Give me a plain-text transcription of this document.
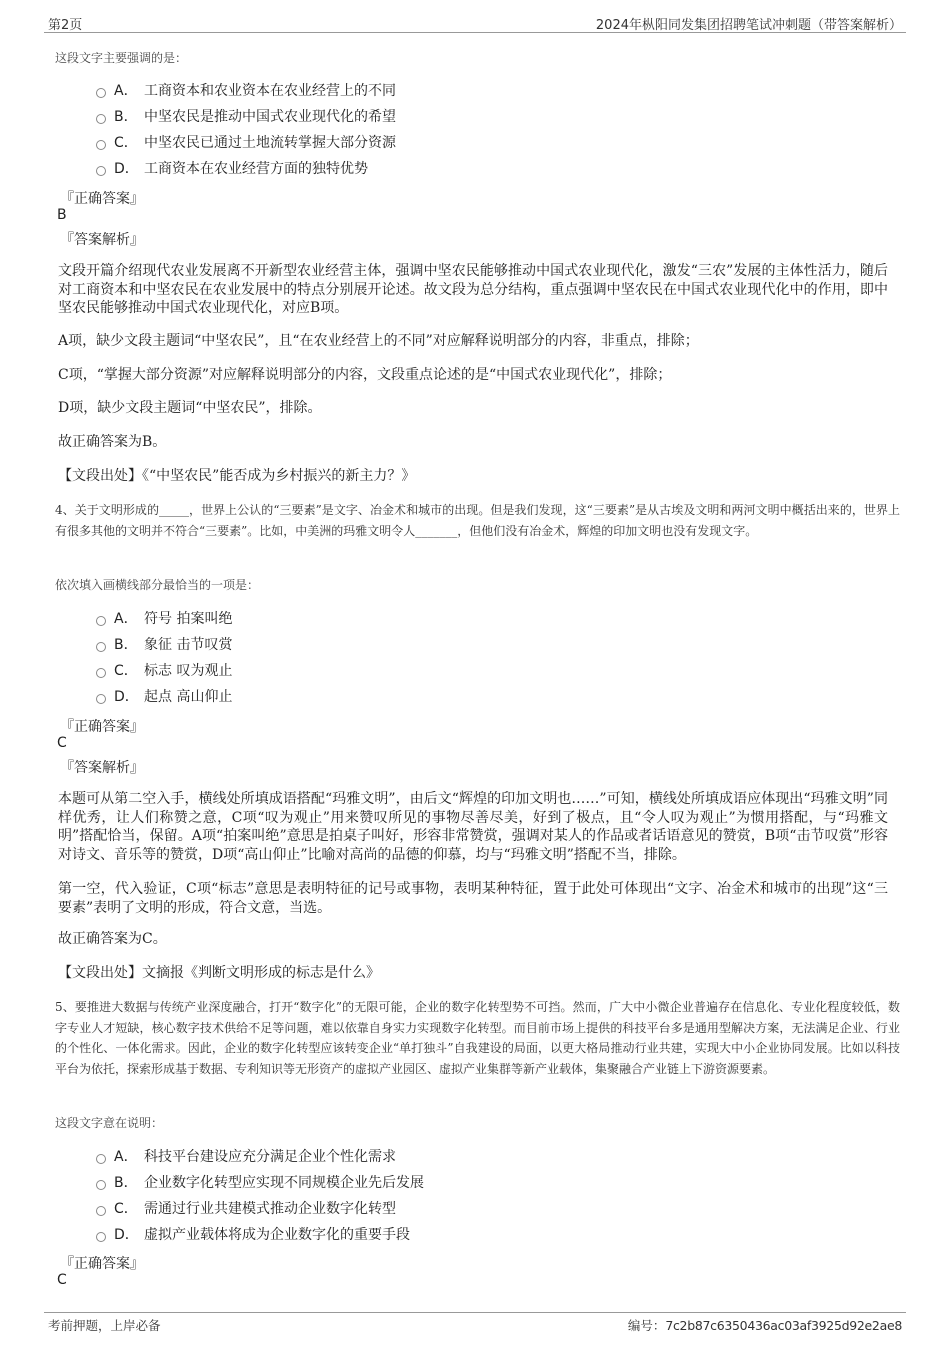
第2页	2024年枞阳同发集团招聘笔试冲刺题（带答案解析）
这段文字主要强调的是：
A． 工商资本和农业资本在农业经营上的不同
B． 中坚农民是推动中国式农业现代化的希望
C． 中坚农民已通过土地流转掌握大部分资源
D． 工商资本在农业经营方面的独特优势
『正确答案』
B
『答案解析』
文段开篇介绍现代农业发展离不开新型农业经营主体，强调中坚农民能够推动中国式农业现代化，激发“三农”发展的主体性活力，随后对工商资本和中坚农民在农业发展中的特点分别展开论述。故文段为总分结构，重点强调中坚农民在中国式农业现代化中的作用，即中坚农民能够推动中国式农业现代化，对应B项。
A项，缺少文段主题词“中坚农民”，且“在农业经营上的不同”对应解释说明部分的内容，非重点，排除；
C项，“掌握大部分资源”对应解释说明部分的内容，文段重点论述的是“中国式农业现代化”，排除；
D项，缺少文段主题词“中坚农民”，排除。
故正确答案为B。
【文段出处】《“中坚农民”能否成为乡村振兴的新主力？》
4、关于文明形成的_____，世界上公认的“三要素”是文字、冶金术和城市的出现。但是我们发现，这“三要素”是从古埃及文明和两河文明中概括出来的，世界上有很多其他的文明并不符合“三要素”。比如，中美洲的玛雅文明令人_______，但他们没有冶金术，辉煌的印加文明也没有发现文字。
依次填入画横线部分最恰当的一项是：
A． 符号 拍案叫绝
B． 象征 击节叹赏
C． 标志 叹为观止
D． 起点 高山仰止
『正确答案』
C
『答案解析』
本题可从第二空入手，横线处所填成语搭配“玛雅文明”，由后文“辉煌的印加文明也……”可知，横线处所填成语应体现出“玛雅文明”同样优秀，让人们称赞之意，C项“叹为观止”用来赞叹所见的事物尽善尽美，好到了极点，且“令人叹为观止”为惯用搭配，与“玛雅文明”搭配恰当，保留。A项“拍案叫绝”意思是拍桌子叫好，形容非常赞赏，强调对某人的作品或者话语意见的赞赏，B项“击节叹赏”形容对诗文、音乐等的赞赏，D项“高山仰止”比喻对高尚的品德的仰慕，均与“玛雅文明”搭配不当，排除。
第一空，代入验证，C项“标志”意思是表明特征的记号或事物，表明某种特征，置于此处可体现出“文字、冶金术和城市的出现”这“三要素”表明了文明的形成，符合文意，当选。
故正确答案为C。
【文段出处】文摘报《判断文明形成的标志是什么》
5、要推进大数据与传统产业深度融合，打开“数字化”的无限可能，企业的数字化转型势不可挡。然而，广大中小微企业普遍存在信息化、专业化程度较低，数字专业人才短缺，核心数字技术供给不足等问题，难以依靠自身实力实现数字化转型。而目前市场上提供的科技平台多是通用型解决方案，无法满足企业、行业的个性化、一体化需求。因此，企业的数字化转型应该转变企业“单打独斗”自我建设的局面，以更大格局推动行业共建，实现大中小企业协同发展。比如以科技平台为依托，探索形成基于数据、专利知识等无形资产的虚拟产业园区、虚拟产业集群等新产业载体，集聚融合产业链上下游资源要素。
这段文字意在说明：
A． 科技平台建设应充分满足企业个性化需求
B． 企业数字化转型应实现不同规模企业先后发展
C． 需通过行业共建模式推动企业数字化转型
D． 虚拟产业载体将成为企业数字化的重要手段
『正确答案』
C
考前押题，上岸必备	编号：7c2b87c6350436ac03af3925d92e2ae8
